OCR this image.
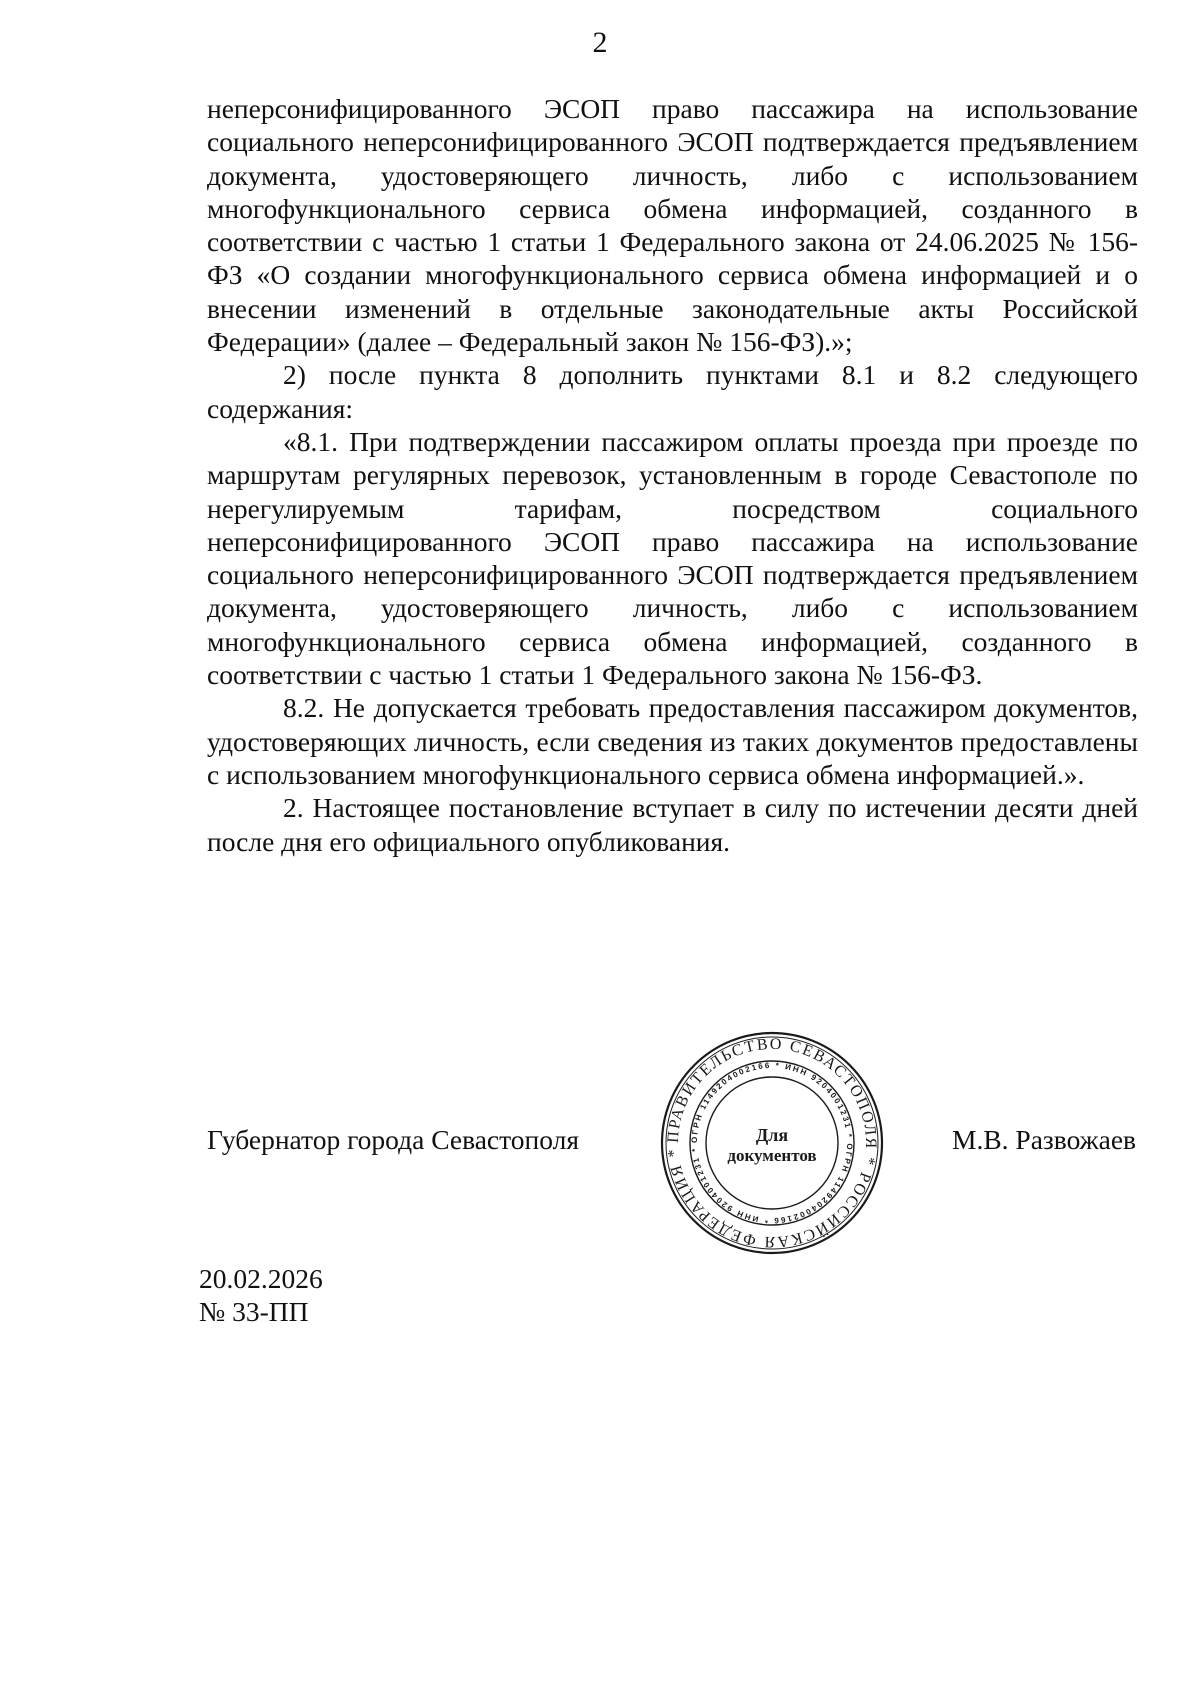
2

неперсонифицированного ЭСОП право пассажира на использование социального неперсонифицированного ЭСОП подтверждается предъявлением документа, удостоверяющего личность, либо с использованием многофункционального сервиса обмена информацией, созданного в соответствии с частью 1 статьи 1 Федерального закона от 24.06.2025 № 156-ФЗ «О создании многофункционального сервиса обмена информацией и о внесении изменений в отдельные законодательные акты Российской Федерации» (далее – Федеральный закон № 156-ФЗ).»;

2) после пункта 8 дополнить пунктами 8.1 и 8.2 следующего содержания:

«8.1. При подтверждении пассажиром оплаты проезда при проезде по маршрутам регулярных перевозок, установленным в городе Севастополе по нерегулируемым тарифам, посредством социального неперсонифицированного ЭСОП право пассажира на использование социального неперсонифицированного ЭСОП подтверждается предъявлением документа, удостоверяющего личность, либо с использованием многофункционального сервиса обмена информацией, созданного в соответствии с частью 1 статьи 1 Федерального закона № 156-ФЗ.

8.2. Не допускается требовать предоставления пассажиром документов, удостоверяющих личность, если сведения из таких документов предоставлены с использованием многофункционального сервиса обмена информацией.».

2. Настоящее постановление вступает в силу по истечении десяти дней после дня его официального опубликования.

Губернатор города Севастополя	ПРАВИТЕЛЬСТВО СЕВАСТОПОЛЯ * РОССИЙСКАЯ ФЕДЕРАЦИЯ *
ОГРН 1149204002166 * ИНН 9204001231 * ОГРН 1149204002166 * ИНН 9204001231 *
Для
документов
М.В. Развожаев
20.02.2026
№ 33-ПП
